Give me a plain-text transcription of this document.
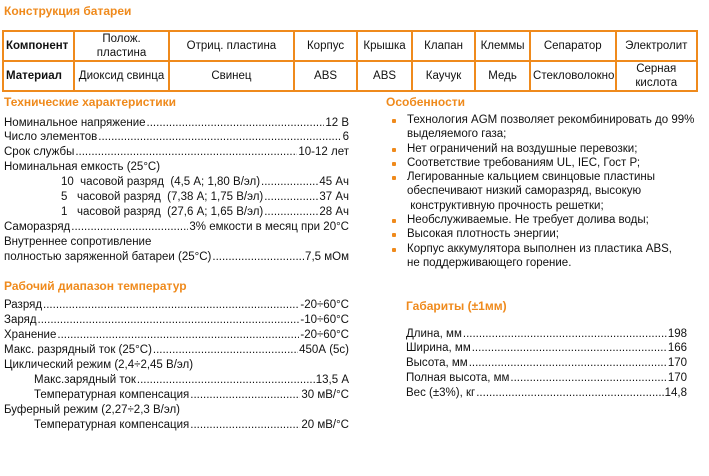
Конструкция батареи
Компонент	Полож. пластина	Отриц. пластина	Корпус	Крышка	Клапан	Клеммы	Сепаратор	Электролит
Материал	Диоксид свинца	Свинец	ABS	ABS	Каучук	Медь	Стекловолокно	Серная кислота
Технические характеристики
Номинальное напряжение .....	12 В
Число элементов .....	6
Срок службы .....	10-12 лет
Номинальная емкость (25°C)
10  часовой разряд  (4,5 А; 1,80 В/эл) .....	45 Ач
5   часовой разряд  (7,38 А; 1,75 В/эл) .....	37 Ач
1   часовой разряд  (27,6 А; 1,65 В/эл) .....	28 Ач
Саморазряд .....	3% емкости в месяц при 20°С
Внутреннее сопротивление
полностью заряженной батареи (25°C) .....	7,5 мОм
Рабочий диапазон температур
Разряд .....	-20÷60°C
Заряд .....	-10÷60°C
Хранение .....	-20÷60°C
Макс. разрядный ток (25°C) .....	450А (5с)
Циклический режим (2,4÷2,45 В/эл)
Макс.зарядный ток .....	13,5 А
Температурная компенсация .....	30 мВ/°С
Буферный режим (2,27÷2,3 В/эл)
Температурная компенсация .....	20 мВ/°С
Особенности
Технология AGM позволяет рекомбинировать до 99%
выделяемого газа;
Нет ограничений на воздушные перевозки;
Соответствие требованиям UL, IEC, Гост Р;
Легированные кальцием свинцовые пластины
обеспечивают низкий саморазряд, высокую
конструктивную прочность решетки;
Необслуживаемые. Не требует долива воды;
Высокая плотность энергии;
Корпус аккумулятора выполнен из пластика ABS,
не поддерживающего горение.
Габариты (±1мм)
Длина, мм .....	198
Ширина, мм .....	166
Высота, мм .....	170
Полная высота, мм .....	170
Вес (±3%), кг .....	14,8
